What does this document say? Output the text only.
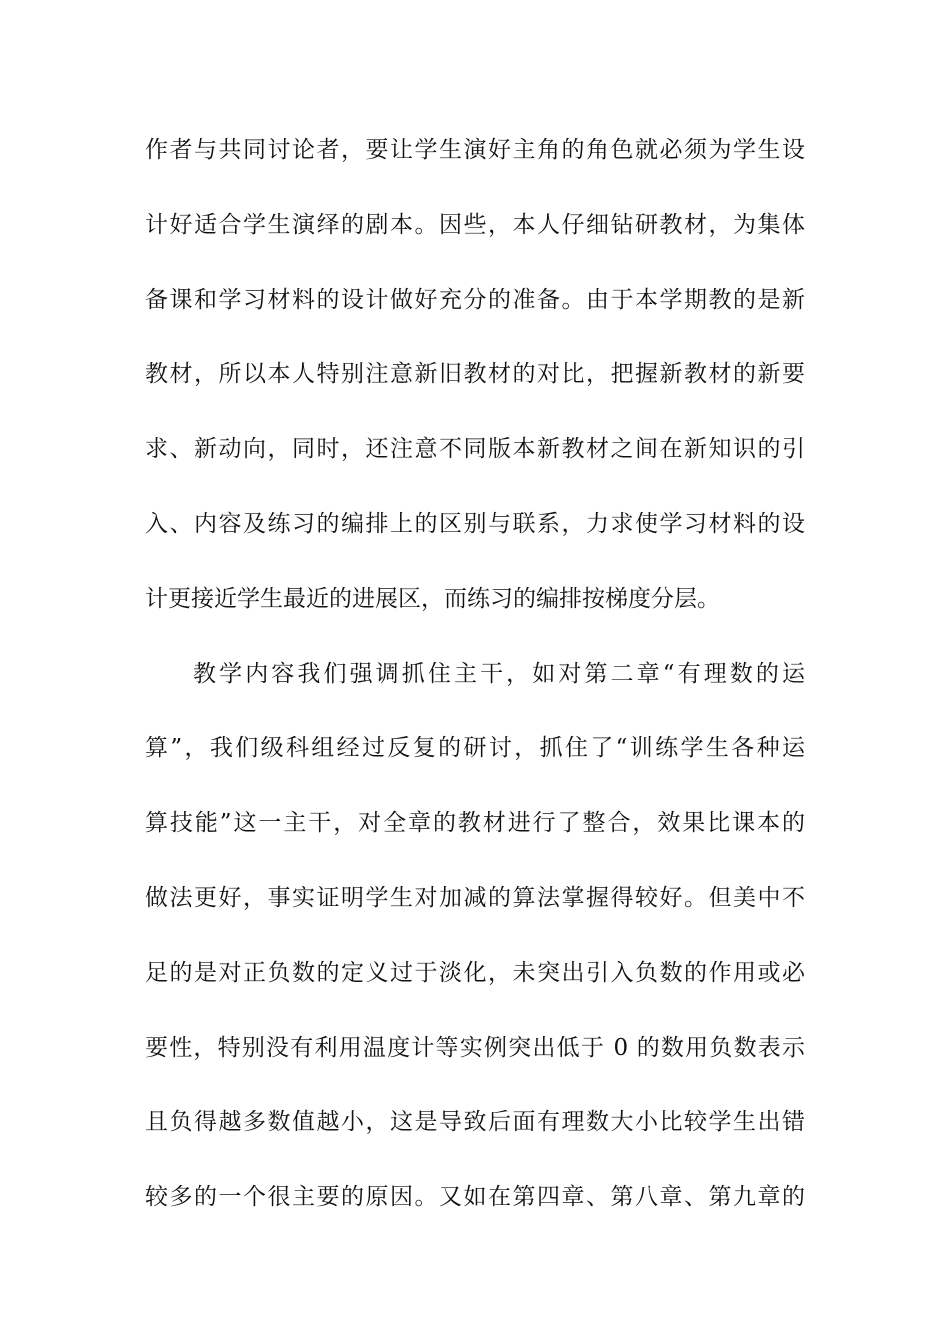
作者与共同讨论者，要让学生演好主角的角色就必须为学生设
计好适合学生演绎的剧本。因些，本人仔细钻研教材，为集体
备课和学习材料的设计做好充分的准备。由于本学期教的是新
教材，所以本人特别注意新旧教材的对比，把握新教材的新要
求、新动向，同时，还注意不同版本新教材之间在新知识的引
入、内容及练习的编排上的区别与联系，力求使学习材料的设
计更接近学生最近的进展区，而练习的编排按梯度分层。
教学内容我们强调抓住主干，如对第二章“有理数的运
算”，我们级科组经过反复的研讨，抓住了“训练学生各种运
算技能”这一主干，对全章的教材进行了整合，效果比课本的
做法更好，事实证明学生对加减的算法掌握得较好。但美中不
足的是对正负数的定义过于淡化，未突出引入负数的作用或必
要性，特别没有利用温度计等实例突出低于 0 的数用负数表示
且负得越多数值越小，这是导致后面有理数大小比较学生出错
较多的一个很主要的原因。又如在第四章、第八章、第九章的
